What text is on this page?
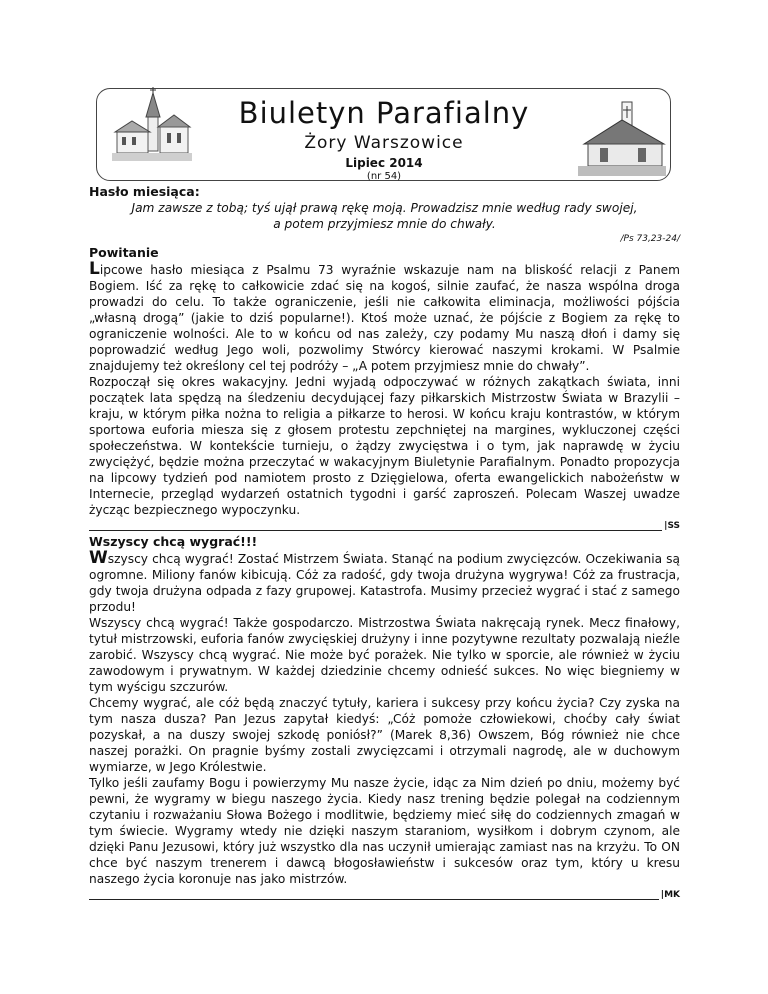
Biuletyn Parafialny
Żory Warszowice
Lipiec 2014
(nr 54)
Hasło miesiąca:
Jam zawsze z tobą; tyś ujął prawą rękę moją. Prowadzisz mnie według rady swojej,
a potem przyjmiesz mnie do chwały.
/Ps 73,23-24/
Powitanie

Lipcowe hasło miesiąca z Psalmu 73 wyraźnie wskazuje nam na bliskość relacji z Panem Bogiem. Iść za rękę to całkowicie zdać się na kogoś, silnie zaufać, że nasza wspólna droga prowadzi do celu. To także ograniczenie, jeśli nie całkowita eliminacja, możliwości pójścia „własną drogą” (jakie to dziś popularne!). Ktoś może uznać, że pójście z Bogiem za rękę to ograniczenie wolności. Ale to w końcu od nas zależy, czy podamy Mu naszą dłoń i damy się poprowadzić według Jego woli, pozwolimy Stwórcy kierować naszymi krokami. W Psalmie znajdujemy też określony cel tej podróży – „A potem przyjmiesz mnie do chwały”.

Rozpoczął się okres wakacyjny. Jedni wyjadą odpoczywać w różnych zakątkach świata, inni początek lata spędzą na śledzeniu decydującej fazy piłkarskich Mistrzostw Świata w Brazylii – kraju, w którym piłka nożna to religia a piłkarze to herosi. W końcu kraju kontrastów, w którym sportowa euforia miesza się z głosem protestu zepchniętej na margines, wykluczonej części społeczeństwa. W kontekście turnieju, o żądzy zwycięstwa i o tym, jak naprawdę w życiu zwyciężyć, będzie można przeczytać w wakacyjnym Biuletynie Parafialnym. Ponadto propozycja na lipcowy tydzień pod namiotem prosto z Dzięgielowa, oferta ewangelickich nabożeństw w Internecie, przegląd wydarzeń ostatnich tygodni i garść zaproszeń. Polecam Waszej uwadze życząc bezpiecznego wypoczynku.

|SS
Wszyscy chcą wygrać!!!

Wszyscy chcą wygrać! Zostać Mistrzem Świata. Stanąć na podium zwycięzców. Oczekiwania są ogromne. Miliony fanów kibicują. Cóż za radość, gdy twoja drużyna wygrywa! Cóż za frustracja, gdy twoja drużyna odpada z fazy grupowej. Katastrofa. Musimy przecież wygrać i stać z samego przodu!

Wszyscy chcą wygrać! Także gospodarczo. Mistrzostwa Świata nakręcają rynek. Mecz finałowy, tytuł mistrzowski, euforia fanów zwycięskiej drużyny i inne pozytywne rezultaty pozwalają nieźle zarobić. Wszyscy chcą wygrać. Nie może być porażek. Nie tylko w sporcie, ale również w życiu zawodowym i prywatnym. W każdej dziedzinie chcemy odnieść sukces. No więc biegniemy w tym wyścigu szczurów.

Chcemy wygrać, ale cóż będą znaczyć tytuły, kariera i sukcesy przy końcu życia? Czy zyska na tym nasza dusza? Pan Jezus zapytał kiedyś: „Cóż pomoże człowiekowi, choćby cały świat pozyskał, a na duszy swojej szkodę poniósł?” (Marek 8,36) Owszem, Bóg również nie chce naszej porażki. On pragnie byśmy zostali zwycięzcami i otrzymali nagrodę, ale w duchowym wymiarze, w Jego Królestwie.

Tylko jeśli zaufamy Bogu i powierzymy Mu nasze życie, idąc za Nim dzień po dniu, możemy być pewni, że wygramy w biegu naszego życia. Kiedy nasz trening będzie polegał na codziennym czytaniu i rozważaniu Słowa Bożego i modlitwie, będziemy mieć siłę do codziennych zmagań w tym świecie. Wygramy wtedy nie dzięki naszym staraniom, wysiłkom i dobrym czynom, ale dzięki Panu Jezusowi, który już wszystko dla nas uczynił umierając zamiast nas na krzyżu. To ON chce być naszym trenerem i dawcą błogosławieństw i sukcesów oraz tym, który u kresu naszego życia koronuje nas jako mistrzów.

|MK
